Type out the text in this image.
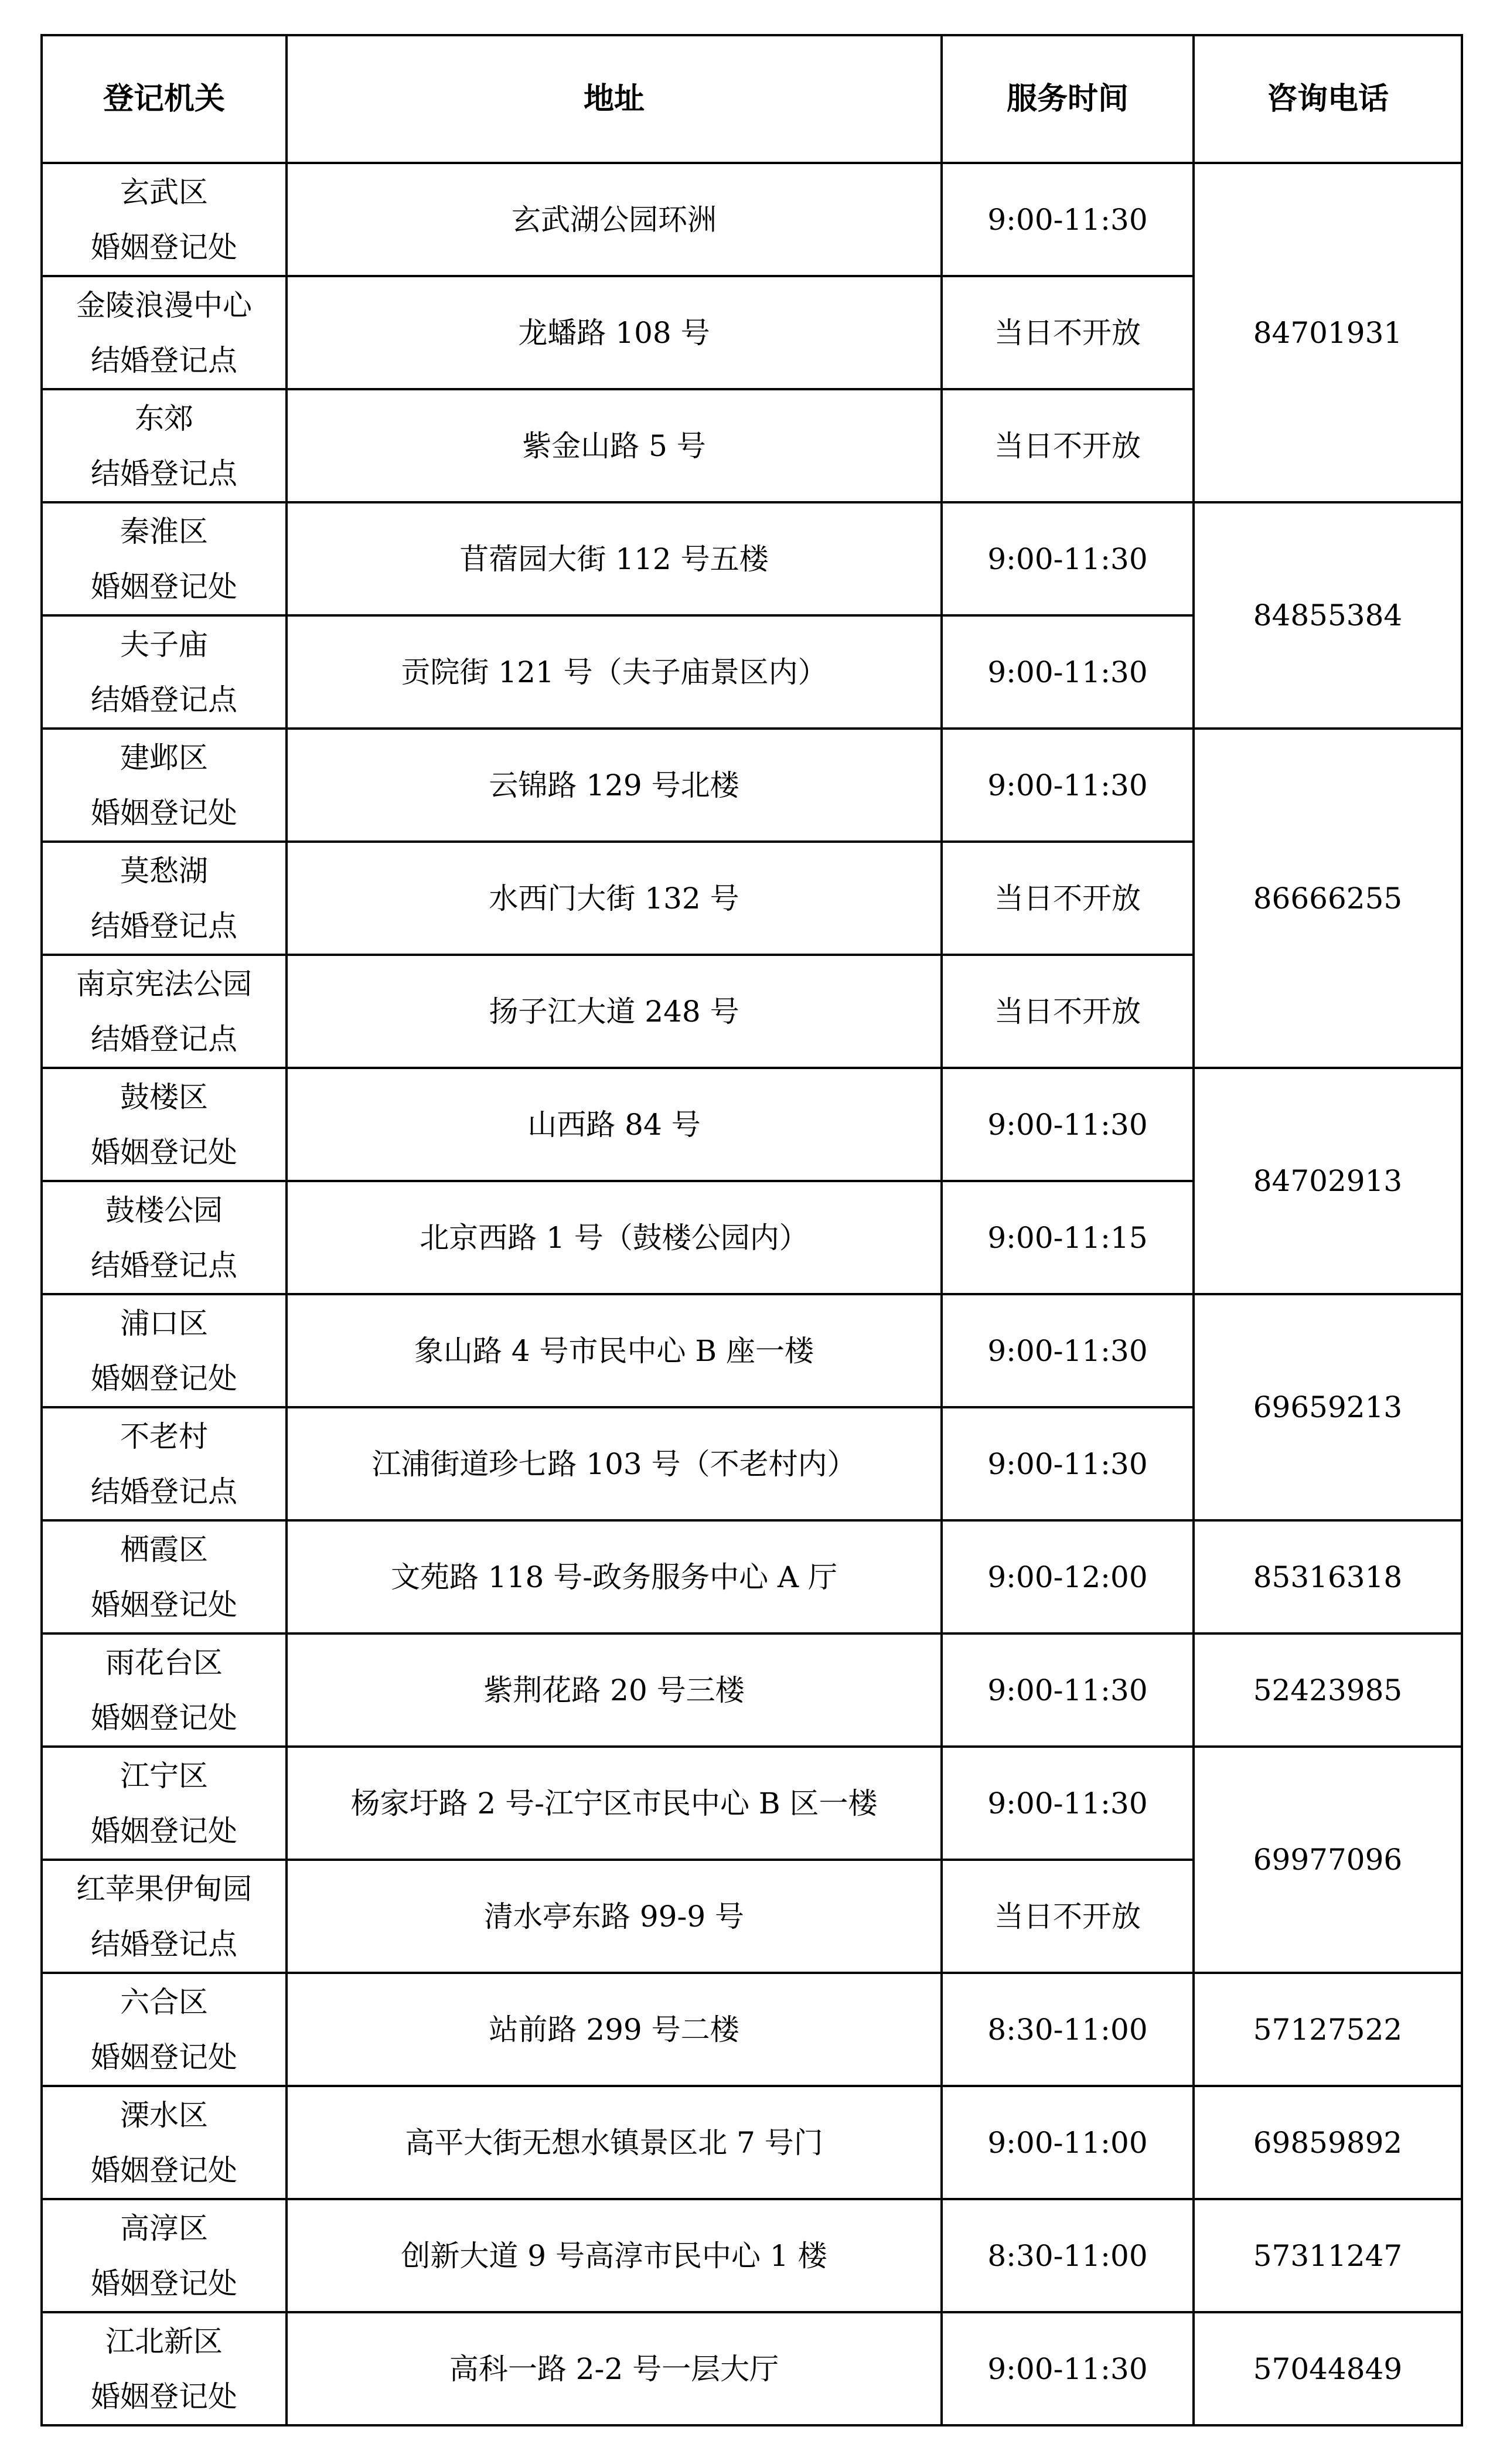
登记机关	地址	服务时间	咨询电话

玄武区
婚姻登记处	玄武湖公园环洲	9:00-11:30	84701931

金陵浪漫中心
结婚登记点	龙蟠路 108 号	当日不开放	

东郊
结婚登记点	紫金山路 5 号	当日不开放	

秦淮区
婚姻登记处	苜蓿园大街 112 号五楼	9:00-11:30	84855384

夫子庙
结婚登记点	贡院街 121 号（夫子庙景区内）	9:00-11:30	

建邺区
婚姻登记处	云锦路 129 号北楼	9:00-11:30	86666255

莫愁湖
结婚登记点	水西门大街 132 号	当日不开放	

南京宪法公园
结婚登记点	扬子江大道 248 号	当日不开放	

鼓楼区
婚姻登记处	山西路 84 号	9:00-11:30	84702913

鼓楼公园
结婚登记点	北京西路 1 号（鼓楼公园内）	9:00-11:15	

浦口区
婚姻登记处	象山路 4 号市民中心 B 座一楼	9:00-11:30	69659213

不老村
结婚登记点	江浦街道珍七路 103 号（不老村内）	9:00-11:30	

栖霞区
婚姻登记处	文苑路 118 号-政务服务中心 A 厅	9:00-12:00	85316318

雨花台区
婚姻登记处	紫荆花路 20 号三楼	9:00-11:30	52423985

江宁区
婚姻登记处	杨家圩路 2 号-江宁区市民中心 B 区一楼	9:00-11:30	69977096

红苹果伊甸园
结婚登记点	清水亭东路 99-9 号	当日不开放	

六合区
婚姻登记处	站前路 299 号二楼	8:30-11:00	57127522

溧水区
婚姻登记处	高平大街无想水镇景区北 7 号门	9:00-11:00	69859892

高淳区
婚姻登记处	创新大道 9 号高淳市民中心 1 楼	8:30-11:00	57311247

江北新区
婚姻登记处	高科一路 2-2 号一层大厅	9:00-11:30	57044849
